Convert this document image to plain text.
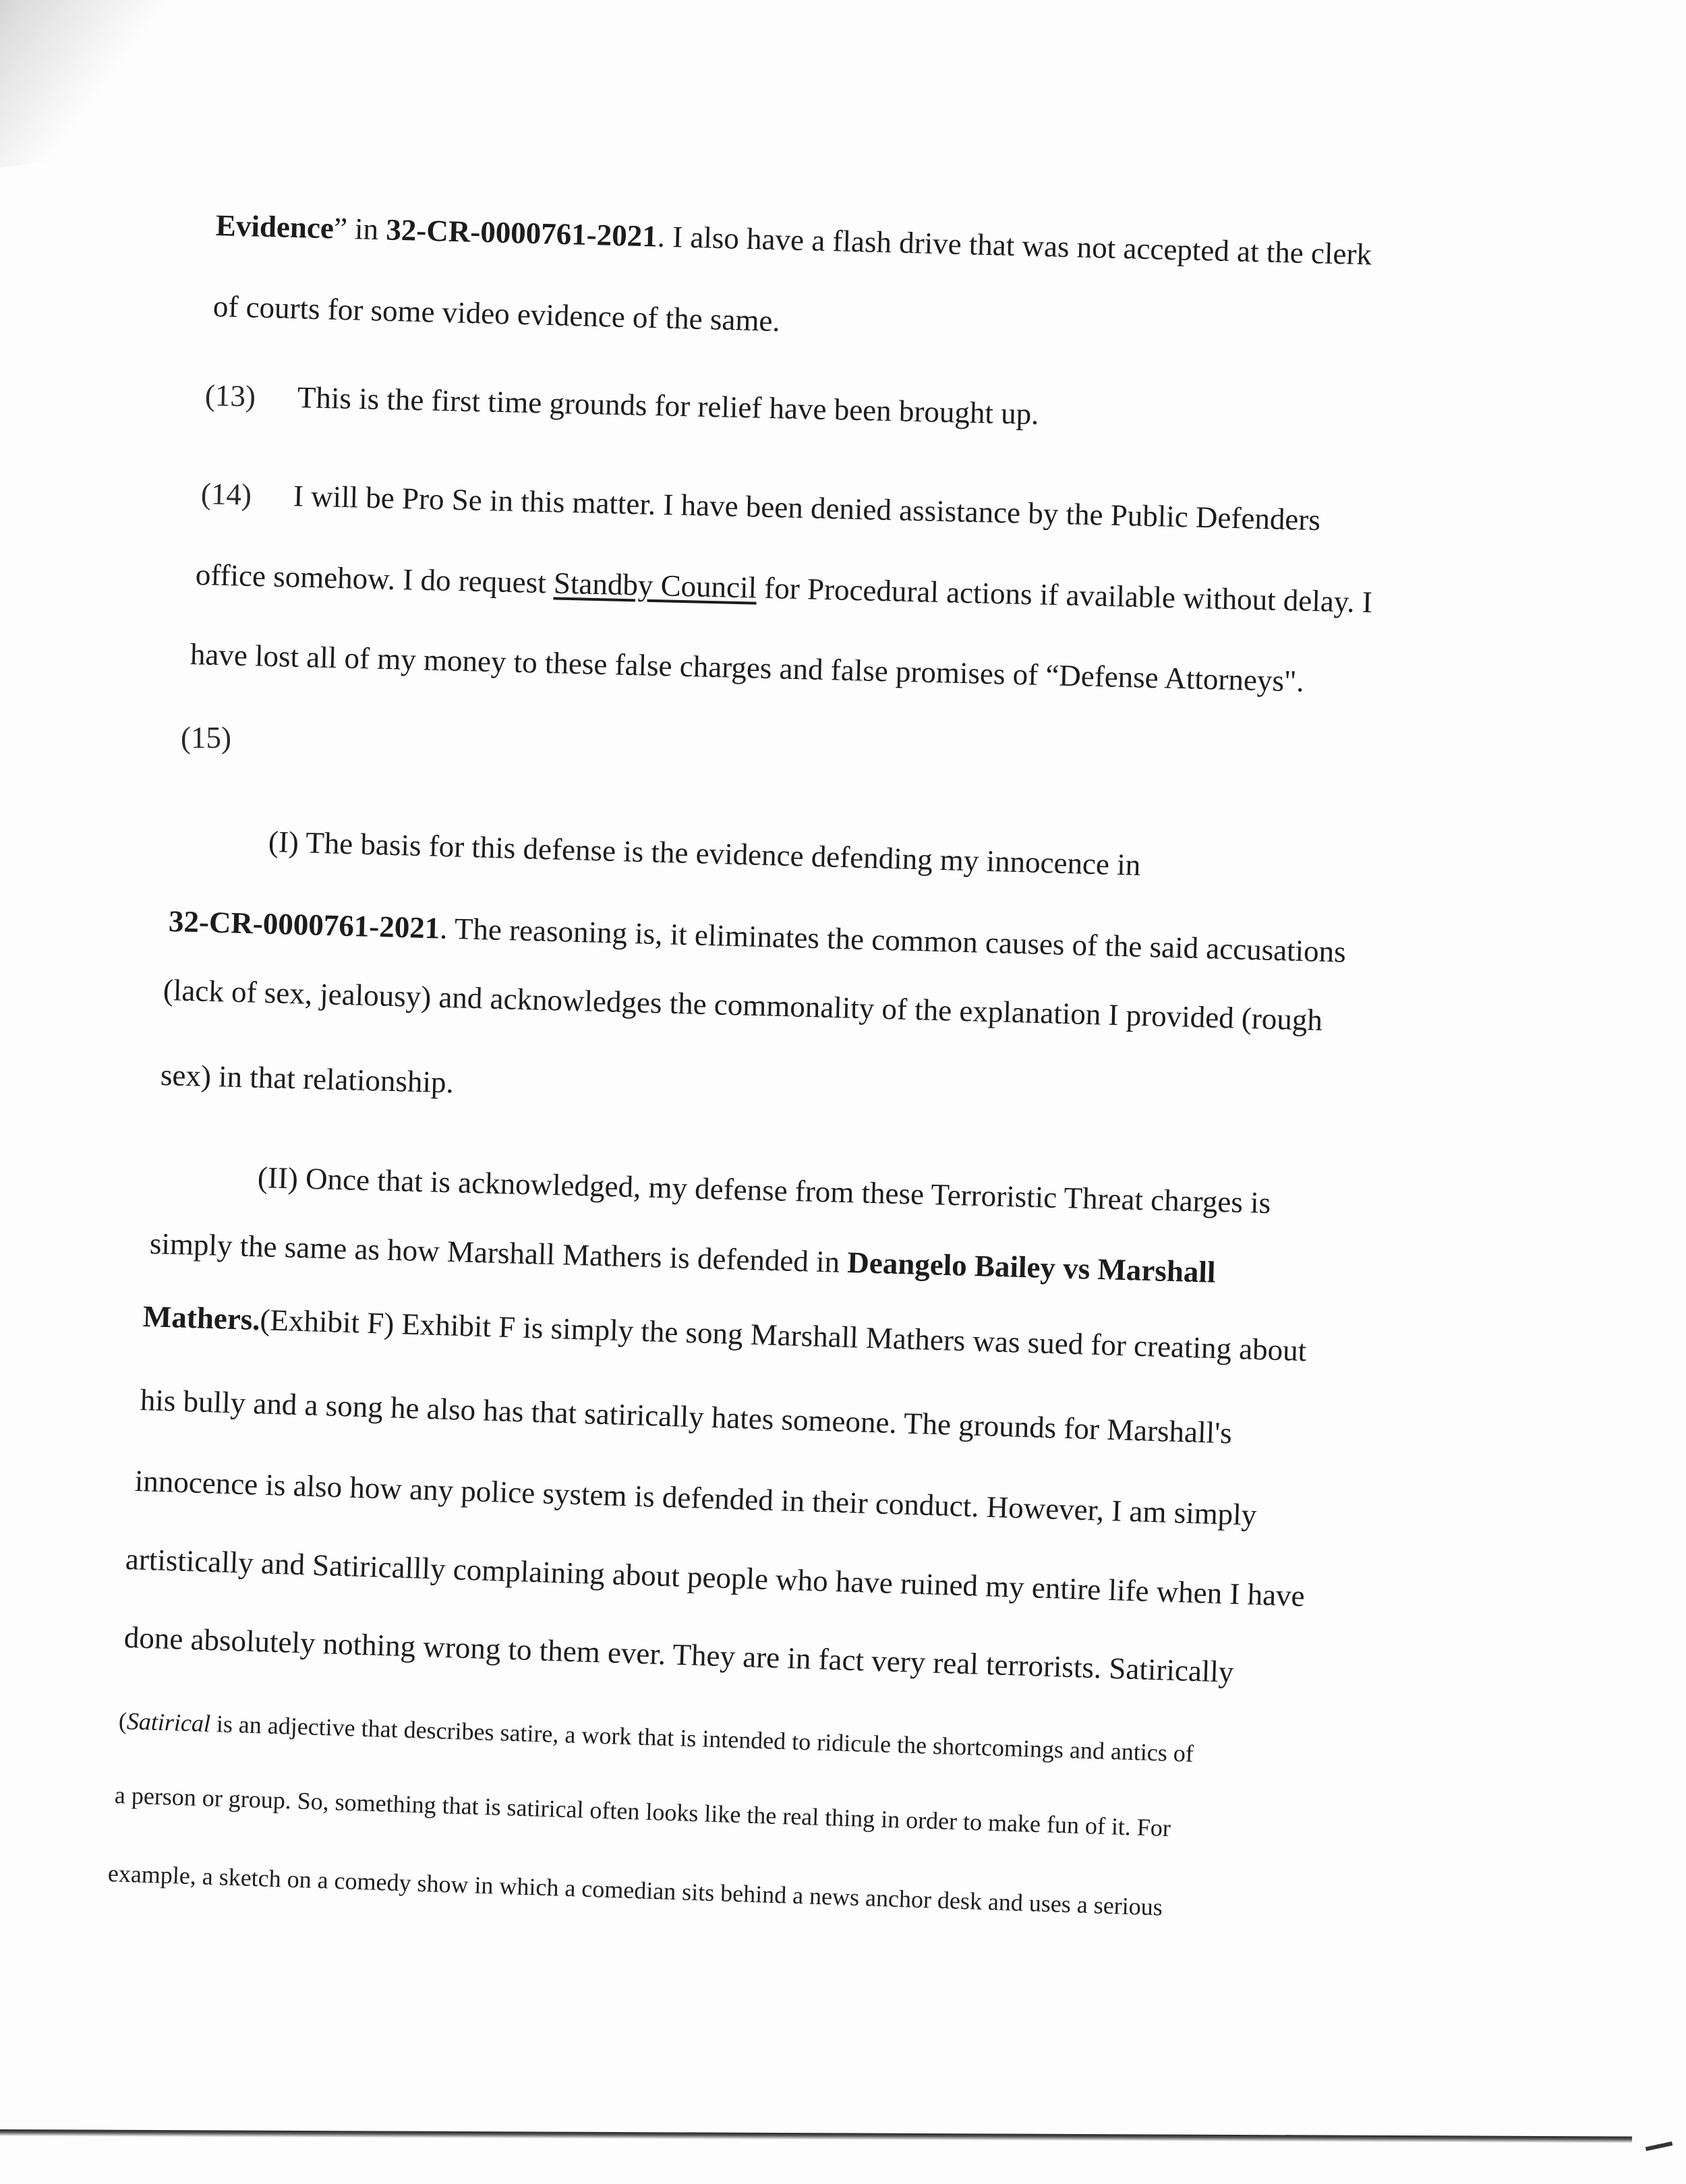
Evidence” in 32-CR-0000761-2021. I also have a flash drive that was not accepted at the clerk
of courts for some video evidence of the same.
(13) This is the first time grounds for relief have been brought up.
(14) I will be Pro Se in this matter. I have been denied assistance by the Public Defenders
office somehow. I do request Standby Council for Procedural actions if available without delay. I
have lost all of my money to these false charges and false promises of “Defense Attorneys".
(15)
(I) The basis for this defense is the evidence defending my innocence in
32-CR-0000761-2021. The reasoning is, it eliminates the common causes of the said accusations
(lack of sex, jealousy) and acknowledges the commonality of the explanation I provided (rough
sex) in that relationship.
(II) Once that is acknowledged, my defense from these Terroristic Threat charges is
simply the same as how Marshall Mathers is defended in Deangelo Bailey vs Marshall
Mathers.(Exhibit F) Exhibit F is simply the song Marshall Mathers was sued for creating about
his bully and a song he also has that satirically hates someone. The grounds for Marshall's
innocence is also how any police system is defended in their conduct. However, I am simply
artistically and Satiricallly complaining about people who have ruined my entire life when I have
done absolutely nothing wrong to them ever. They are in fact very real terrorists. Satirically
(Satirical is an adjective that describes satire, a work that is intended to ridicule the shortcomings and antics of
a person or group. So, something that is satirical often looks like the real thing in order to make fun of it. For
example, a sketch on a comedy show in which a comedian sits behind a news anchor desk and uses a serious
